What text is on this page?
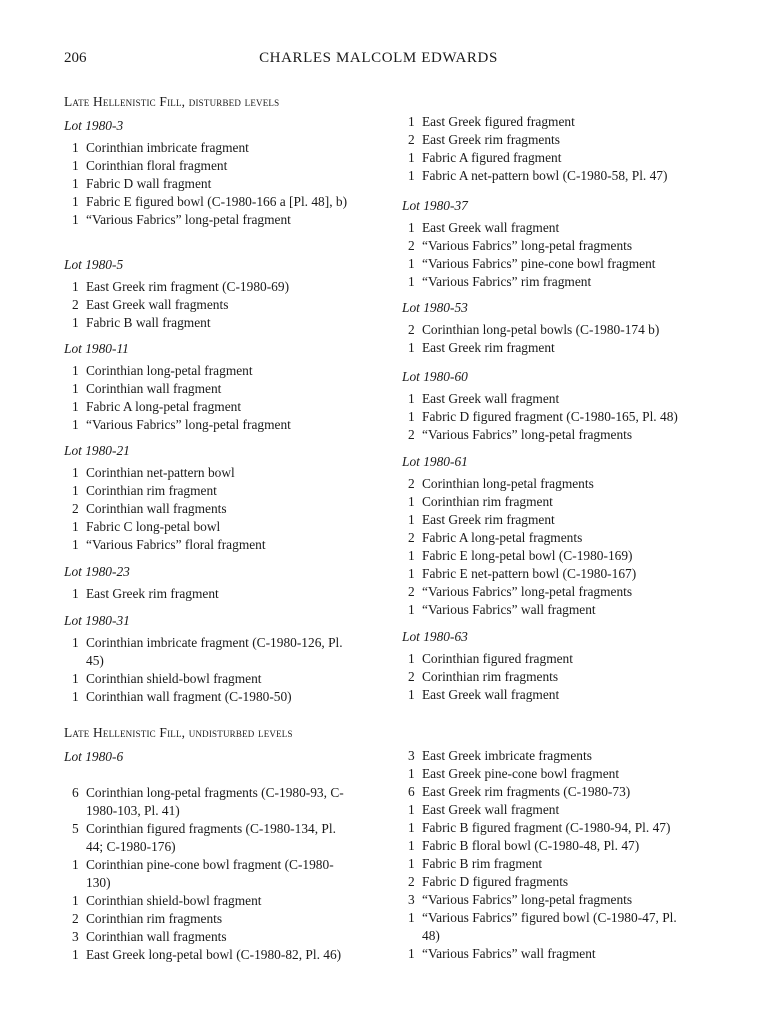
206	CHARLES MALCOLM EDWARDS
Late Hellenistic Fill, disturbed levels
Late Hellenistic Fill, undisturbed levels
Lot 1980-3
1 Corinthian imbricate fragment
1 Corinthian floral fragment
1 Fabric D wall fragment
1 Fabric E figured bowl (C-1980-166 a [Pl. 48], b)
1 “Various Fabrics” long-petal fragment
Lot 1980-5
1 East Greek rim fragment (C-1980-69)
2 East Greek wall fragments
1 Fabric B wall fragment
Lot 1980-11
1 Corinthian long-petal fragment
1 Corinthian wall fragment
1 Fabric A long-petal fragment
1 “Various Fabrics” long-petal fragment
Lot 1980-21
1 Corinthian net-pattern bowl
1 Corinthian rim fragment
2 Corinthian wall fragments
1 Fabric C long-petal bowl
1 “Various Fabrics” floral fragment
Lot 1980-23
1 East Greek rim fragment
Lot 1980-31
1 Corinthian imbricate fragment (C-1980-126, Pl. 45)
1 Corinthian shield-bowl fragment
1 Corinthian wall fragment (C-1980-50)
1 East Greek figured fragment
2 East Greek rim fragments
1 Fabric A figured fragment
1 Fabric A net-pattern bowl (C-1980-58, Pl. 47)
Lot 1980-37
1 East Greek wall fragment
2 “Various Fabrics” long-petal fragments
1 “Various Fabrics” pine-cone bowl fragment
1 “Various Fabrics” rim fragment
Lot 1980-53
2 Corinthian long-petal bowls (C-1980-174 b)
1 East Greek rim fragment
Lot 1980-60
1 East Greek wall fragment
1 Fabric D figured fragment (C-1980-165, Pl. 48)
2 “Various Fabrics” long-petal fragments
Lot 1980-61
2 Corinthian long-petal fragments
1 Corinthian rim fragment
1 East Greek rim fragment
2 Fabric A long-petal fragments
1 Fabric E long-petal bowl (C-1980-169)
1 Fabric E net-pattern bowl (C-1980-167)
2 “Various Fabrics” long-petal fragments
1 “Various Fabrics” wall fragment
Lot 1980-63
1 Corinthian figured fragment
2 Corinthian rim fragments
1 East Greek wall fragment
Lot 1980-6
6 Corinthian long-petal fragments (C-1980-93, C-1980-103, Pl. 41)
5 Corinthian figured fragments (C-1980-134, Pl. 44; C-1980-176)
1 Corinthian pine-cone bowl fragment (C-1980-130)
1 Corinthian shield-bowl fragment
2 Corinthian rim fragments
3 Corinthian wall fragments
1 East Greek long-petal bowl (C-1980-82, Pl. 46)
3 East Greek imbricate fragments
1 East Greek pine-cone bowl fragment
6 East Greek rim fragments (C-1980-73)
1 East Greek wall fragment
1 Fabric B figured fragment (C-1980-94, Pl. 47)
1 Fabric B floral bowl (C-1980-48, Pl. 47)
1 Fabric B rim fragment
2 Fabric D figured fragments
3 “Various Fabrics” long-petal fragments
1 “Various Fabrics” figured bowl (C-1980-47, Pl. 48)
1 “Various Fabrics” wall fragment
